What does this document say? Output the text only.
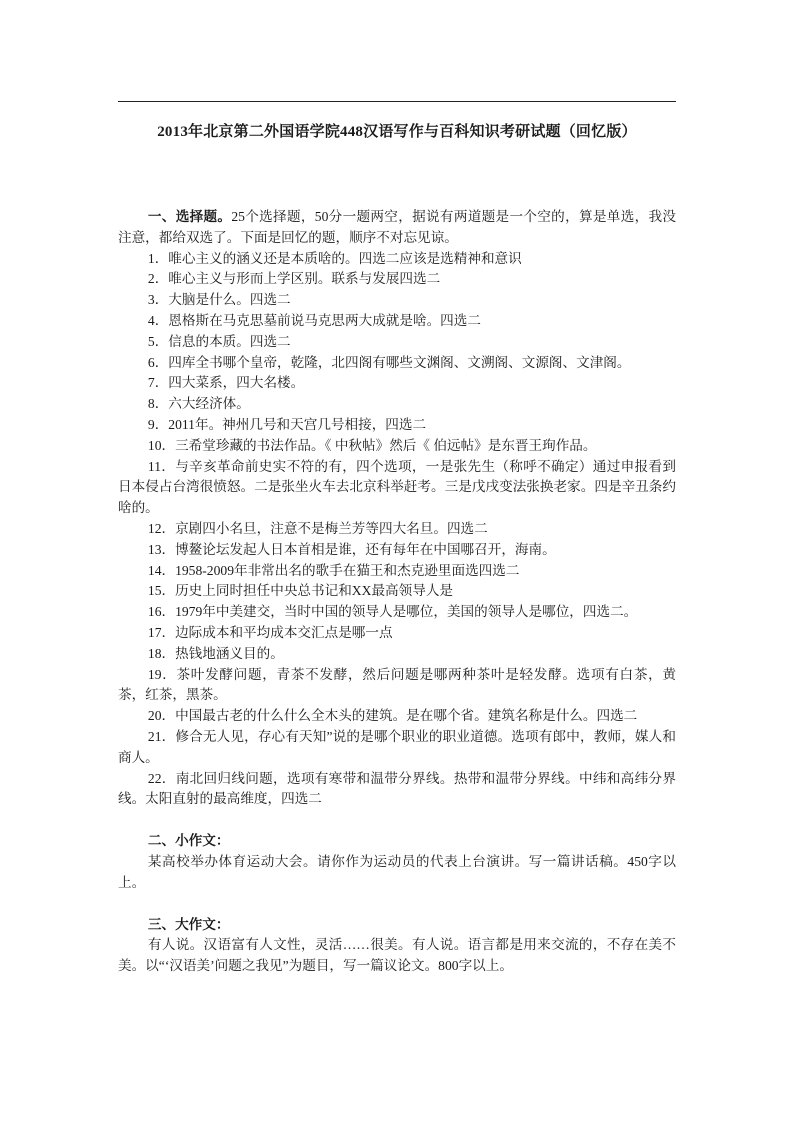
2013年北京第二外国语学院448汉语写作与百科知识考研试题（回忆版）

一、选择题。25个选择题，50分一题两空，据说有两道题是一个空的，算是单选，我没注意，都给双选了。下面是回忆的题，顺序不对忘见谅。

1．唯心主义的涵义还是本质啥的。四选二应该是选精神和意识

2．唯心主义与形而上学区别。联系与发展四选二

3．大脑是什么。四选二

4．恩格斯在马克思墓前说马克思两大成就是啥。四选二

5．信息的本质。四选二

6．四库全书哪个皇帝，乾隆，北四阁有哪些文渊阁、文溯阁、文源阁、文津阁。

7．四大菜系，四大名楼。

8．六大经济体。

9．2011年。神州几号和天宫几号相接，四选二

10．三希堂珍藏的书法作品。《 中秋帖》然后《 伯远帖》是东晋王珣作品。

11．与辛亥革命前史实不符的有，四个选项，一是张先生（称呼不确定）通过申报看到日本侵占台湾很愤怒。二是张坐火车去北京科举赶考。三是戊戌变法张换老家。四是辛丑条约啥的。

12．京剧四小名旦，注意不是梅兰芳等四大名旦。四选二

13．博鳌论坛发起人日本首相是谁，还有每年在中国哪召开，海南。

14．1958-2009年非常出名的歌手在猫王和杰克逊里面选四选二

15．历史上同时担任中央总书记和XX最高领导人是

16．1979年中美建交，当时中国的领导人是哪位，美国的领导人是哪位，四选二。

17．边际成本和平均成本交汇点是哪一点

18．热钱地涵义目的。

19．茶叶发酵问题，青茶不发酵，然后问题是哪两种茶叶是轻发酵。选项有白茶，黄茶，红茶，黑茶。

20．中国最古老的什么什么全木头的建筑。是在哪个省。建筑名称是什么。四选二

21．修合无人见，存心有天知”说的是哪个职业的职业道德。选项有郎中，教师，媒人和商人。

22．南北回归线问题，选项有寒带和温带分界线。热带和温带分界线。中纬和高纬分界线。太阳直射的最高维度，四选二

二、小作文：

某高校举办体育运动大会。请你作为运动员的代表上台演讲。写一篇讲话稿。450字以上。

三、大作文：

有人说。汉语富有人文性，灵活……很美。有人说。语言都是用来交流的，不存在美不美。以“‘汉语美’问题之我见”为题目，写一篇议论文。800字以上。
